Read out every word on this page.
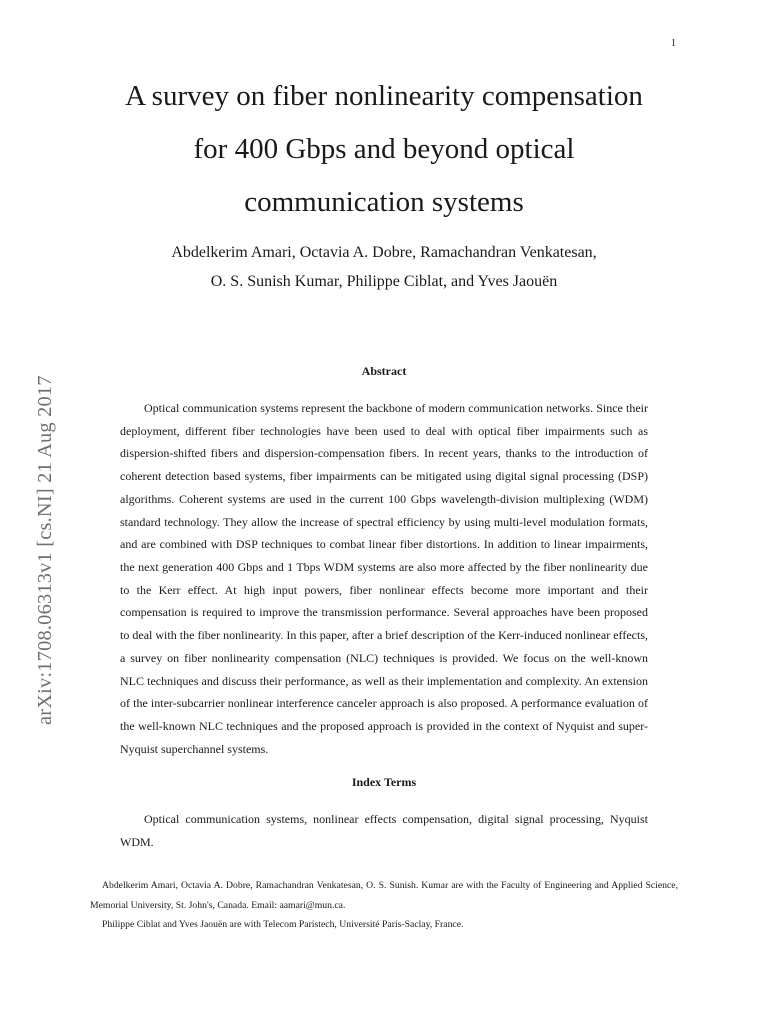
1
arXiv:1708.06313v1 [cs.NI] 21 Aug 2017
A survey on fiber nonlinearity compensation
for 400 Gbps and beyond optical
communication systems
Abdelkerim Amari, Octavia A. Dobre, Ramachandran Venkatesan,
O. S. Sunish Kumar, Philippe Ciblat, and Yves Jaouën
Abstract

Optical communication systems represent the backbone of modern communication networks. Since their deployment, different fiber technologies have been used to deal with optical fiber impairments such as dispersion-shifted fibers and dispersion-compensation fibers. In recent years, thanks to the introduction of coherent detection based systems, fiber impairments can be mitigated using digital signal processing (DSP) algorithms. Coherent systems are used in the current 100 Gbps wavelength-division multiplexing (WDM) standard technology. They allow the increase of spectral efficiency by using multi-level modulation formats, and are combined with DSP techniques to combat linear fiber distortions. In addition to linear impairments, the next generation 400 Gbps and 1 Tbps WDM systems are also more affected by the fiber nonlinearity due to the Kerr effect. At high input powers, fiber nonlinear effects become more important and their compensation is required to improve the transmission performance. Several approaches have been proposed to deal with the fiber nonlinearity. In this paper, after a brief description of the Kerr-induced nonlinear effects, a survey on fiber nonlinearity compensation (NLC) techniques is provided. We focus on the well-known NLC techniques and discuss their performance, as well as their implementation and complexity. An extension of the inter-subcarrier nonlinear interference canceler approach is also proposed. A performance evaluation of the well-known NLC techniques and the proposed approach is provided in the context of Nyquist and super-Nyquist superchannel systems.

Index Terms

Optical communication systems, nonlinear effects compensation, digital signal processing, Nyquist WDM.

Abdelkerim Amari, Octavia A. Dobre, Ramachandran Venkatesan, O. S. Sunish. Kumar are with the Faculty of Engineering and Applied Science, Memorial University, St. John's, Canada. Email: aamari@mun.ca.

Philippe Ciblat and Yves Jaouën are with Telecom Paristech, Université Paris-Saclay, France.
